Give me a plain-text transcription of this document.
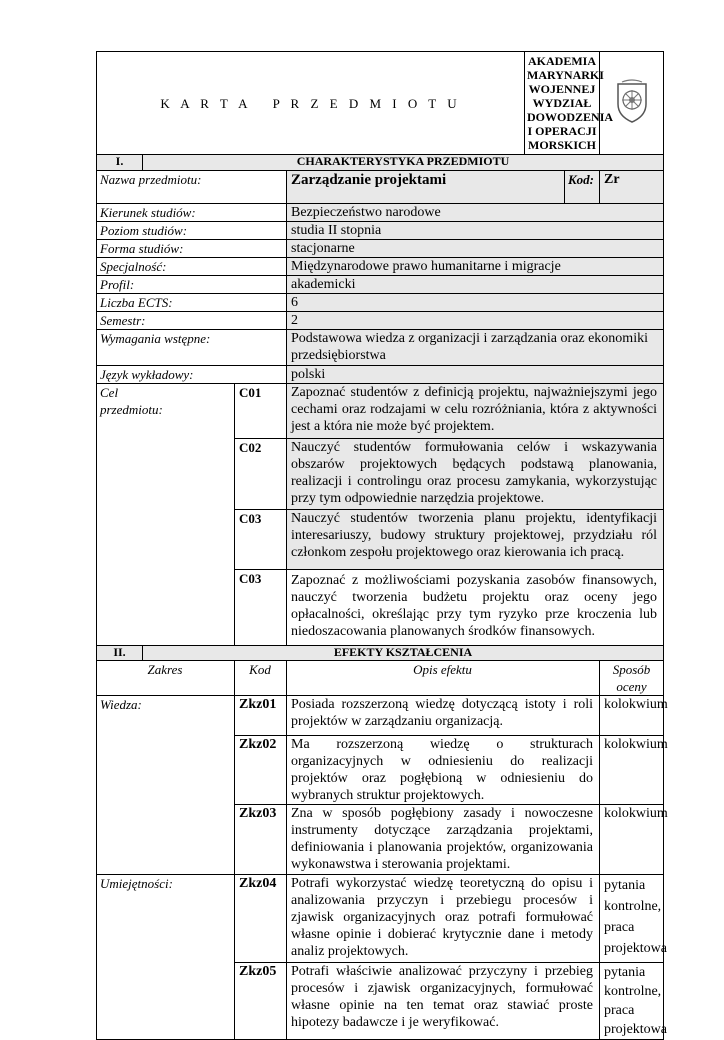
K A R T A   P R Z E D M I O T U				AKADEMIA MARYNARKI WOJENNEJ
WYDZIAŁ DOWODZENIA I OPERACJI
MORSKICH

I.	CHARAKTERYSTYKA PRZEDMIOTU					
Nazwa przedmiotu:			Zarządzanie projektami		Kod:	Zr
Kierunek studiów:			Bezpieczeństwo narodowe			
Poziom studiów:			studia II stopnia			
Forma studiów:			stacjonarne			
Specjalność:			Międzynarodowe prawo humanitarne i migracje			
Profil:			akademicki			
Liczba ECTS:			6			
Semestr:			2			
Wymagania wstępne:			Podstawowa wiedza z organizacji i zarządzania oraz ekonomiki przedsiębiorstwa			
Język wykładowy:			polski			

Cel przedmiotu:		C01	Zapoznać studentów z definicją projektu, najważniejszymi jego cechami oraz rodzajami w celu rozróżniania, która z aktywności jest a która nie może być projektem.			
		C02	Nauczyć studentów formułowania celów i wskazywania obszarów projektowych będących podstawą planowania, realizacji i controlingu oraz procesu zamykania, wykorzystując przy tym odpowiednie narzędzia projektowe.			
		C03	Nauczyć studentów tworzenia planu projektu, identyfikacji interesariuszy, budowy struktury projektowej, przydziału ról członkom zespołu projektowego oraz kierowania ich pracą.			
		C03	Zapoznać z możliwościami pozyskania zasobów finansowych, nauczyć tworzenia budżetu projektu oraz oceny jego opłacalności, określając przy tym ryzyko prze kroczenia lub niedoszacowania planowanych środków finansowych.			
II.	EFEKTY KSZTAŁCENIA					
Zakres		Kod	Opis efektu			Sposób oceny
Wiedza:		Zkz01	Posiada rozszerzoną wiedzę dotyczącą istoty i roli projektów w zarządzaniu organizacją.			kolokwium
		Zkz02	Ma rozszerzoną wiedzę o strukturach organizacyjnych w odniesieniu do realizacji projektów oraz pogłębioną w odniesieniu do wybranych struktur projektowych.			kolokwium
		Zkz03	Zna w sposób pogłębiony zasady i nowoczesne instrumenty dotyczące zarządzania projektami, definiowania i planowania projektów, organizowania wykonawstwa i sterowania projektami.			kolokwium

Umiejętności:		Zkz04	Potrafi wykorzystać wiedzę teoretyczną do opisu i analizowania przyczyn i przebiegu procesów i zjawisk organizacyjnych oraz potrafi formułować własne opinie i dobierać krytycznie dane i metody analiz projektowych.			pytania kontrolne, praca projektowa
		Zkz05	Potrafi właściwie analizować przyczyny i przebieg procesów i zjawisk organizacyjnych, formułować własne opinie na ten temat oraz stawiać proste hipotezy badawcze i je weryfikować.			pytania kontrolne, praca projektowa
